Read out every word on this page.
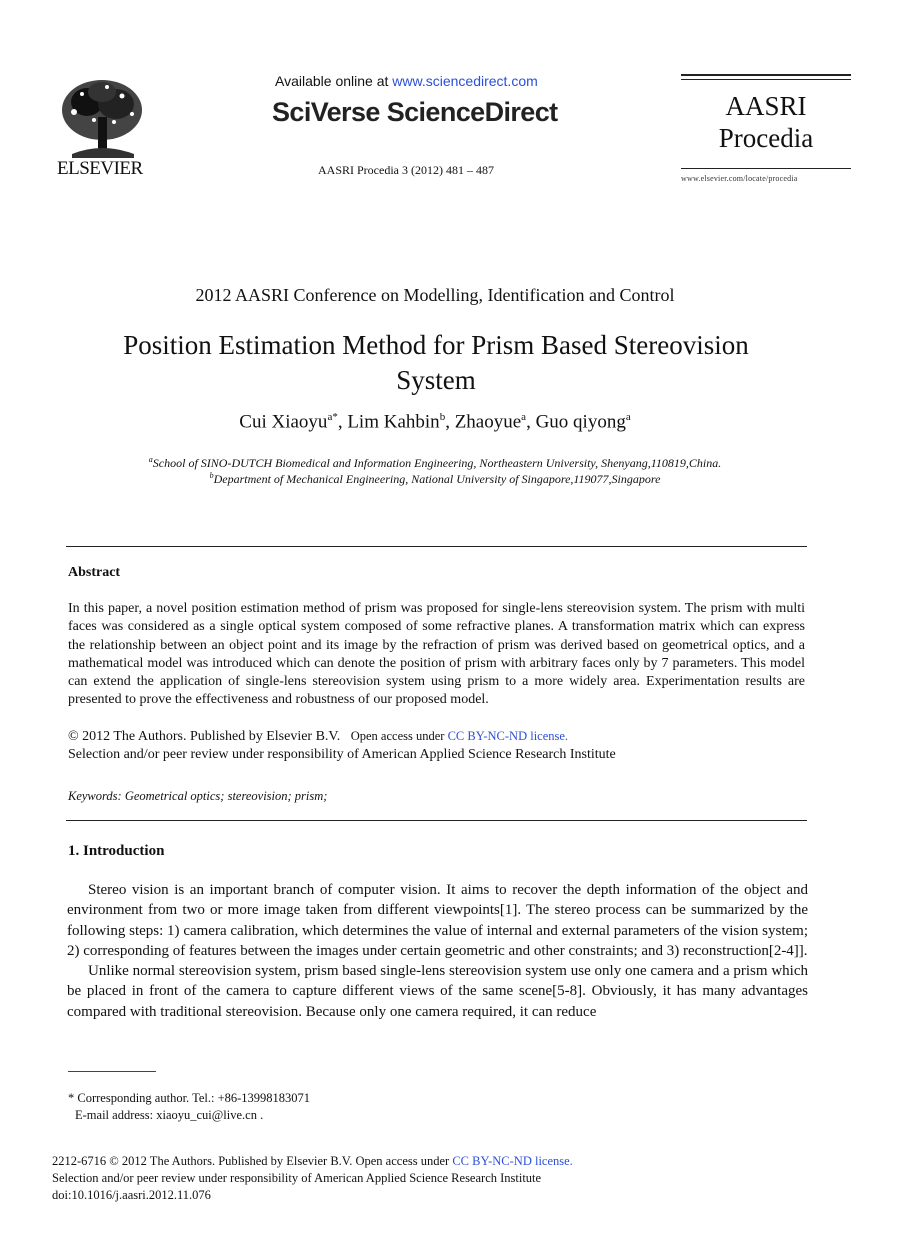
ELSEVIER
Available online at www.sciencedirect.com
SciVerse ScienceDirect
AASRI Procedia 3 (2012) 481 – 487
AASRI
Procedia
www.elsevier.com/locate/procedia
2012 AASRI Conference on Modelling, Identification and Control
Position Estimation Method for Prism Based Stereovision
System
Cui Xiaoyu$^{a*}$, Lim Kahbin$^b$, Zhaoyue$^a$, Guo qiyong$^a$
$^a$School of SINO-DUTCH Biomedical and Information Engineering, Northeastern University, Shenyang,110819,China.
$^b$Department of Mechanical Engineering, National University of Singapore,119077,Singapore
Abstract
In this paper, a novel position estimation method of prism was proposed for single-lens stereovision system. The prism with multi faces was considered as a single optical system composed of some refractive planes. A transformation matrix which can express the relationship between an object point and its image by the refraction of prism was derived based on geometrical optics, and a mathematical model was introduced which can denote the position of prism with arbitrary faces only by 7 parameters. This model can extend the application of single-lens stereovision system using prism to a more widely area. Experimentation results are presented to prove the effectiveness and robustness of our proposed model.
© 2012 The Authors. Published by Elsevier B.V. Open access under CC BY-NC-ND license.
Selection and/or peer review under responsibility of American Applied Science Research Institute
Keywords: Geometrical optics; stereovision; prism;
1. Introduction

Stereo vision is an important branch of computer vision. It aims to recover the depth information of the object and environment from two or more image taken from different viewpoints[1]. The stereo process can be summarized by the following steps: 1) camera calibration, which determines the value of internal and external parameters of the vision system; 2) corresponding of features between the images under certain geometric and other constraints; and 3) reconstruction[2-4]].

Unlike normal stereovision system, prism based single-lens stereovision system use only one camera and a prism which be placed in front of the camera to capture different views of the same scene[5-8]. Obviously, it has many advantages compared with traditional stereovision. Because only one camera required, it can reduce

* Corresponding author. Tel.: +86-13998183071
E-mail address: xiaoyu_cui@live.cn .
2212-6716 © 2012 The Authors. Published by Elsevier B.V. Open access under CC BY-NC-ND license.
Selection and/or peer review under responsibility of American Applied Science Research Institute
doi:10.1016/j.aasri.2012.11.076
